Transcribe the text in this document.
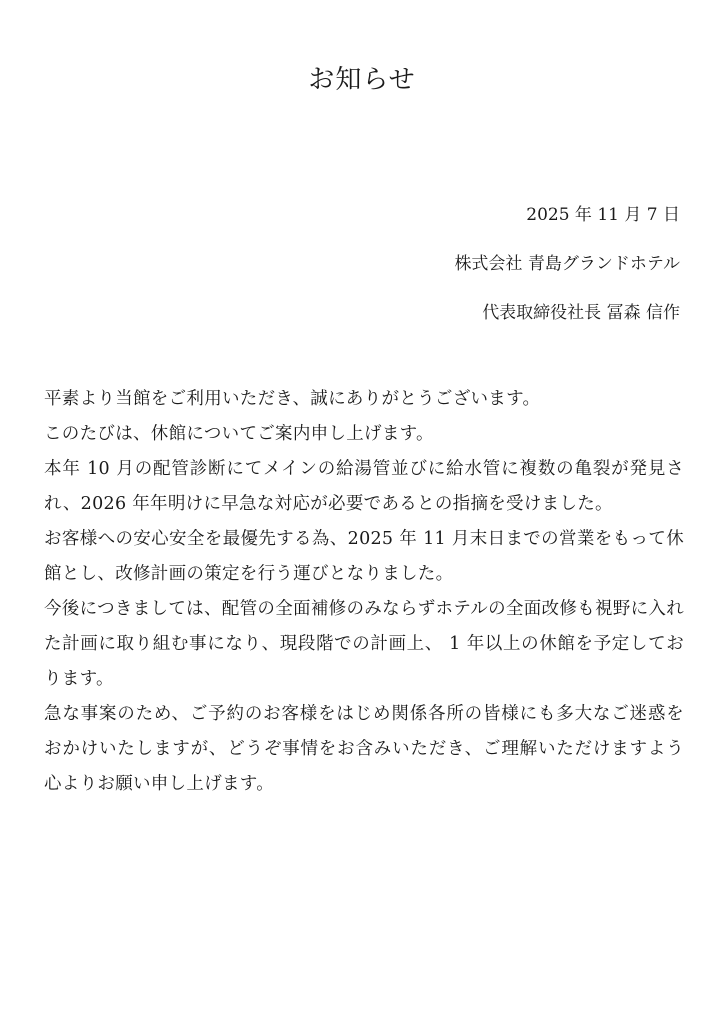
お知らせ
2025 年 11 月 7 日
株式会社 青島グランドホテル
代表取締役社長 冨森 信作

平素より当館をご利用いただき、誠にありがとうございます。

このたびは、休館についてご案内申し上げます。

本年 10 月の配管診断にてメインの給湯管並びに給水管に複数の亀裂が発見され、2026 年年明けに早急な対応が必要であるとの指摘を受けました。

お客様への安心安全を最優先する為、2025 年 11 月末日までの営業をもって休館とし、改修計画の策定を行う運びとなりました。

今後につきましては、配管の全面補修のみならずホテルの全面改修も視野に入れた計画に取り組む事になり、現段階での計画上、 1 年以上の休館を予定しております。

急な事案のため、ご予約のお客様をはじめ関係各所の皆様にも多大なご迷惑をおかけいたしますが、どうぞ事情をお含みいただき、ご理解いただけますよう心よりお願い申し上げます。
